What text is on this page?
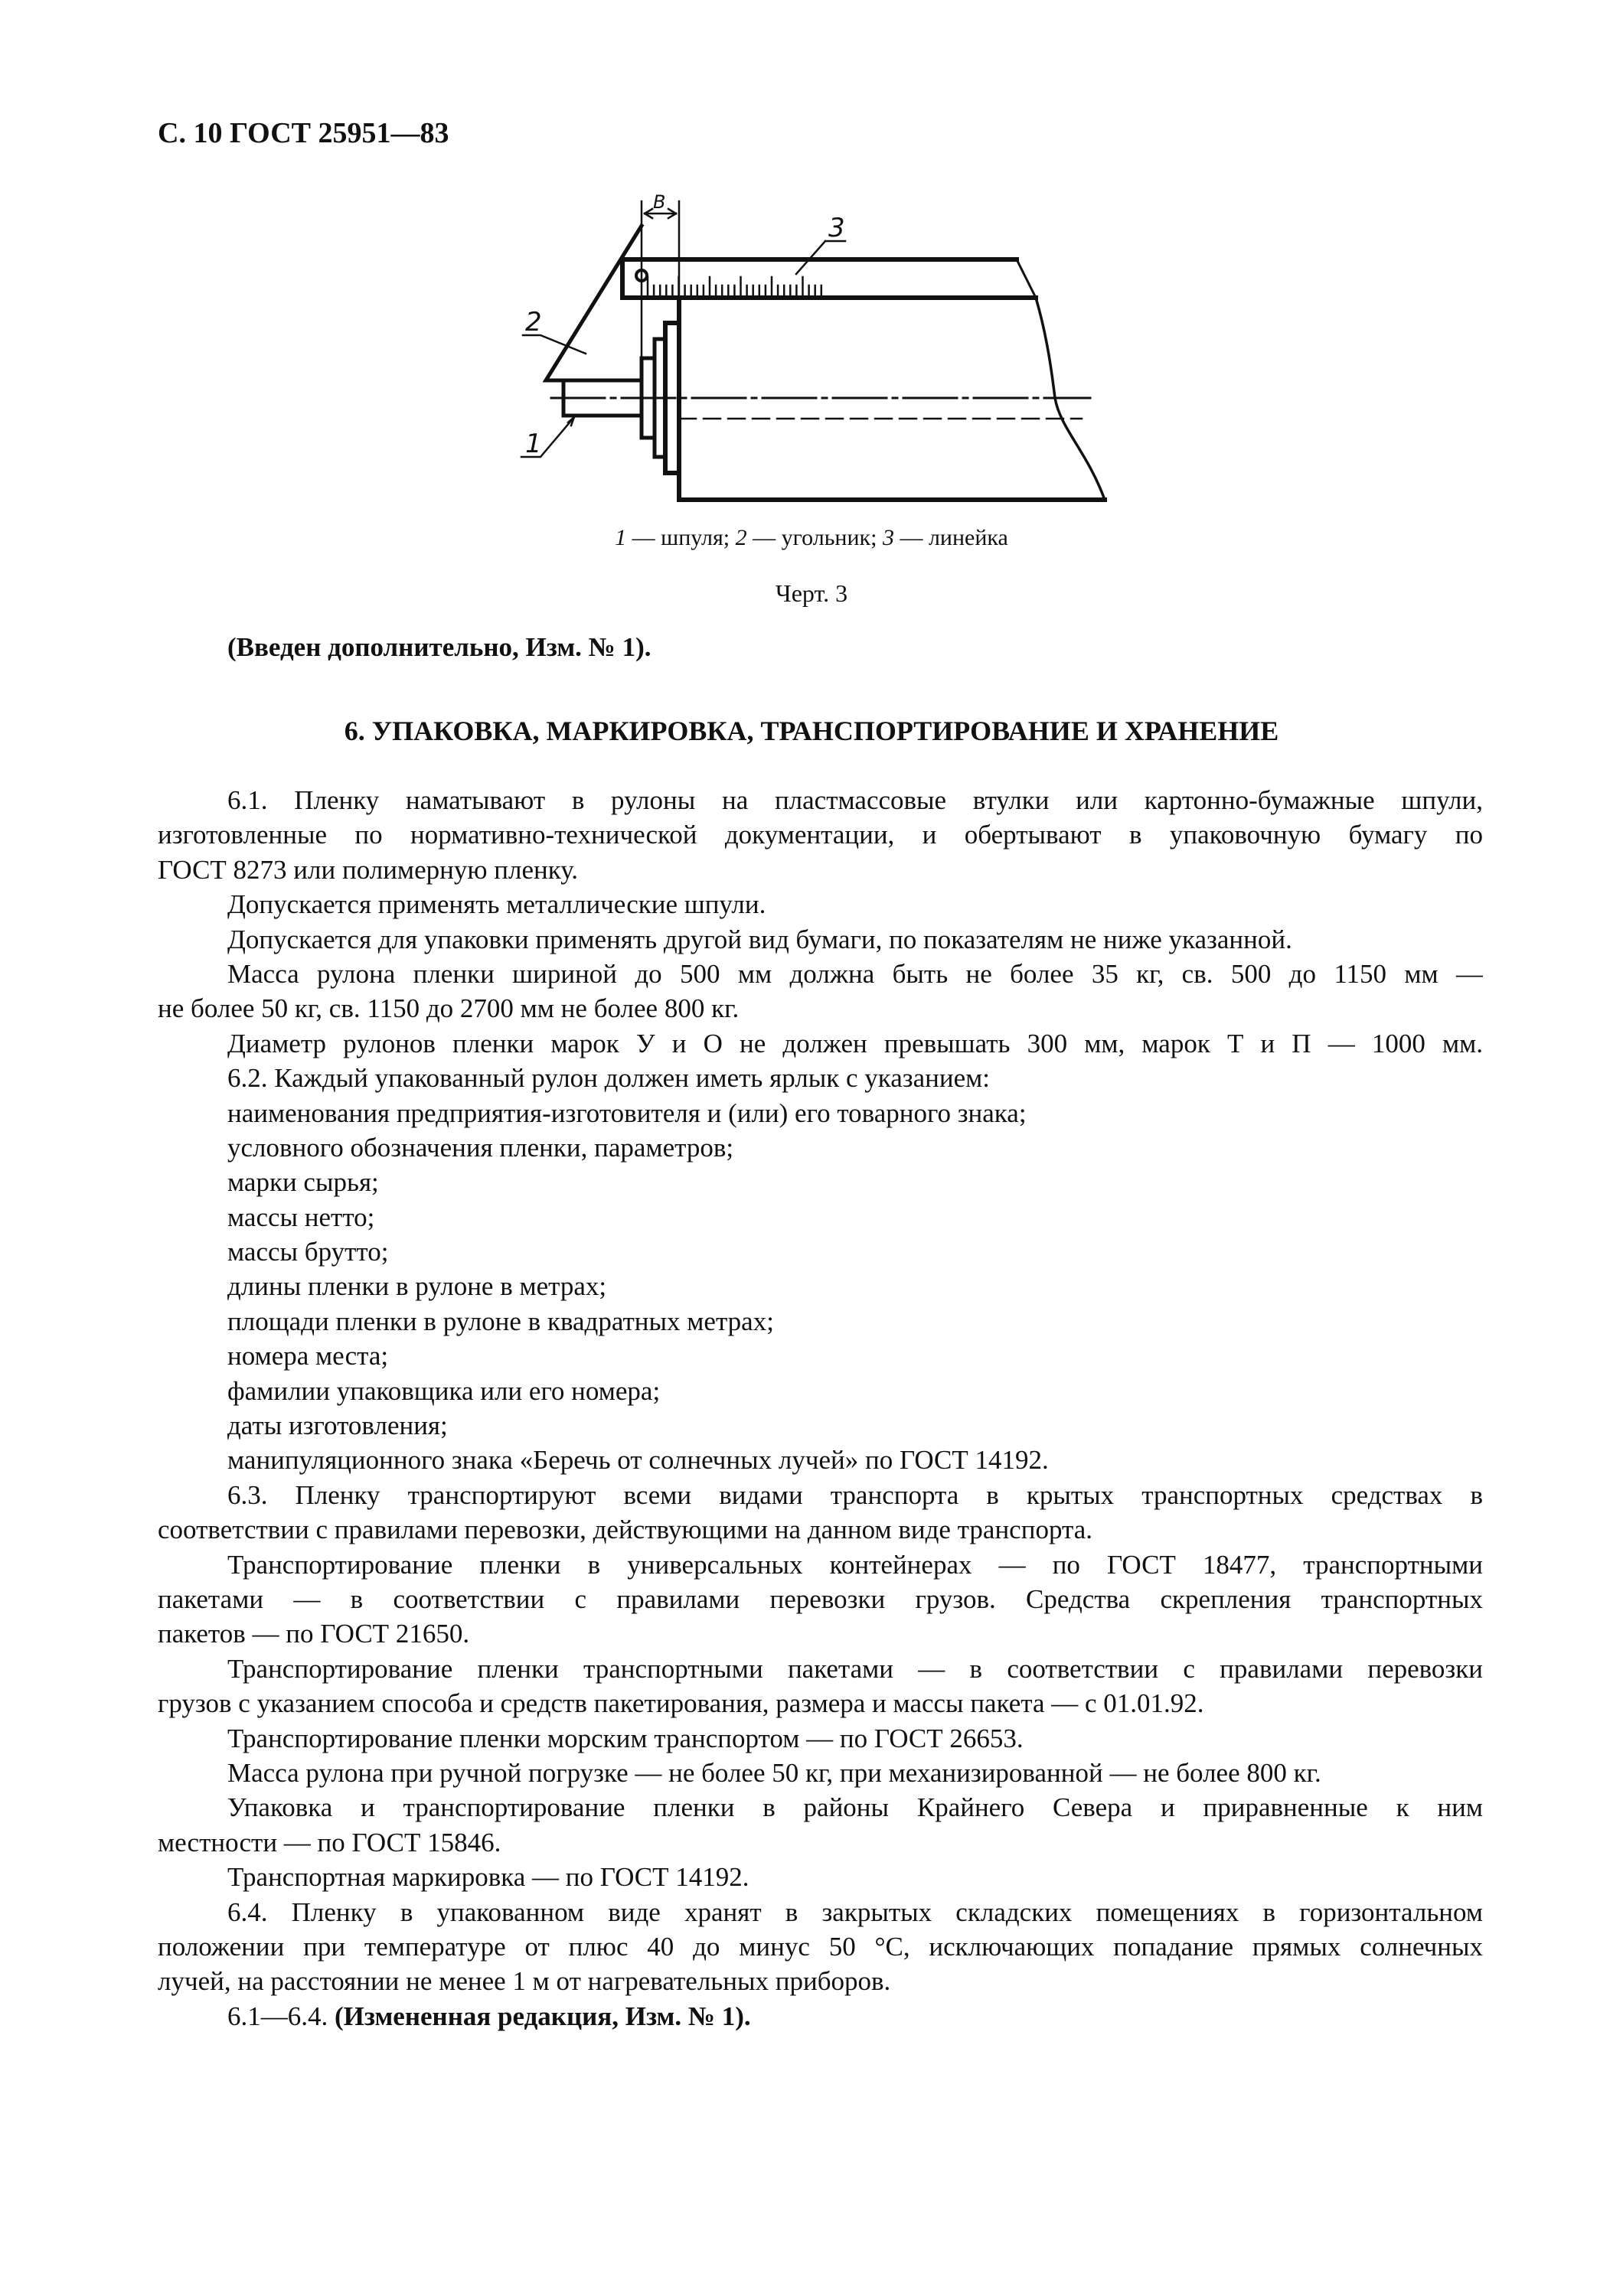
С. 10 ГОСТ 25951—83
B
3
2
1
1 — шпуля; 2 — угольник; 3 — линейка
Черт. 3
(Введен дополнительно, Изм. № 1).
6. УПАКОВКА, МАРКИРОВКА, ТРАНСПОРТИРОВАНИЕ И ХРАНЕНИЕ
6.1. Пленку наматывают в рулоны на пластмассовые втулки или картонно-бумажные шпули,
изготовленные по нормативно-технической документации, и обертывают в упаковочную бумагу по
ГОСТ 8273 или полимерную пленку.
Допускается применять металлические шпули.
Допускается для упаковки применять другой вид бумаги, по показателям не ниже указанной.
Масса рулона пленки шириной до 500 мм должна быть не более 35 кг, св. 500 до 1150 мм —
не более 50 кг, св. 1150 до 2700 мм не более 800 кг.
Диаметр рулонов пленки марок У и О не должен превышать 300 мм, марок Т и П — 1000 мм.
6.2. Каждый упакованный рулон должен иметь ярлык с указанием:
наименования предприятия-изготовителя и (или) его товарного знака;
условного обозначения пленки, параметров;
марки сырья;
массы нетто;
массы брутто;
длины пленки в рулоне в метрах;
площади пленки в рулоне в квадратных метрах;
номера места;
фамилии упаковщика или его номера;
даты изготовления;
манипуляционного знака «Беречь от солнечных лучей» по ГОСТ 14192.
6.3. Пленку транспортируют всеми видами транспорта в крытых транспортных средствах в
соответствии с правилами перевозки, действующими на данном виде транспорта.
Транспортирование пленки в универсальных контейнерах — по ГОСТ 18477, транспортными
пакетами — в соответствии с правилами перевозки грузов. Средства скрепления транспортных
пакетов — по ГОСТ 21650.
Транспортирование пленки транспортными пакетами — в соответствии с правилами перевозки
грузов с указанием способа и средств пакетирования, размера и массы пакета — с 01.01.92.
Транспортирование пленки морским транспортом — по ГОСТ 26653.
Масса рулона при ручной погрузке — не более 50 кг, при механизированной — не более 800 кг.
Упаковка и транспортирование пленки в районы Крайнего Севера и приравненные к ним
местности — по ГОСТ 15846.
Транспортная маркировка — по ГОСТ 14192.
6.4. Пленку в упакованном виде хранят в закрытых складских помещениях в горизонтальном
положении при температуре от плюс 40 до минус 50 °С, исключающих попадание прямых солнечных
лучей, на расстоянии не менее 1 м от нагревательных приборов.
6.1—6.4. (Измененная редакция, Изм. № 1).
